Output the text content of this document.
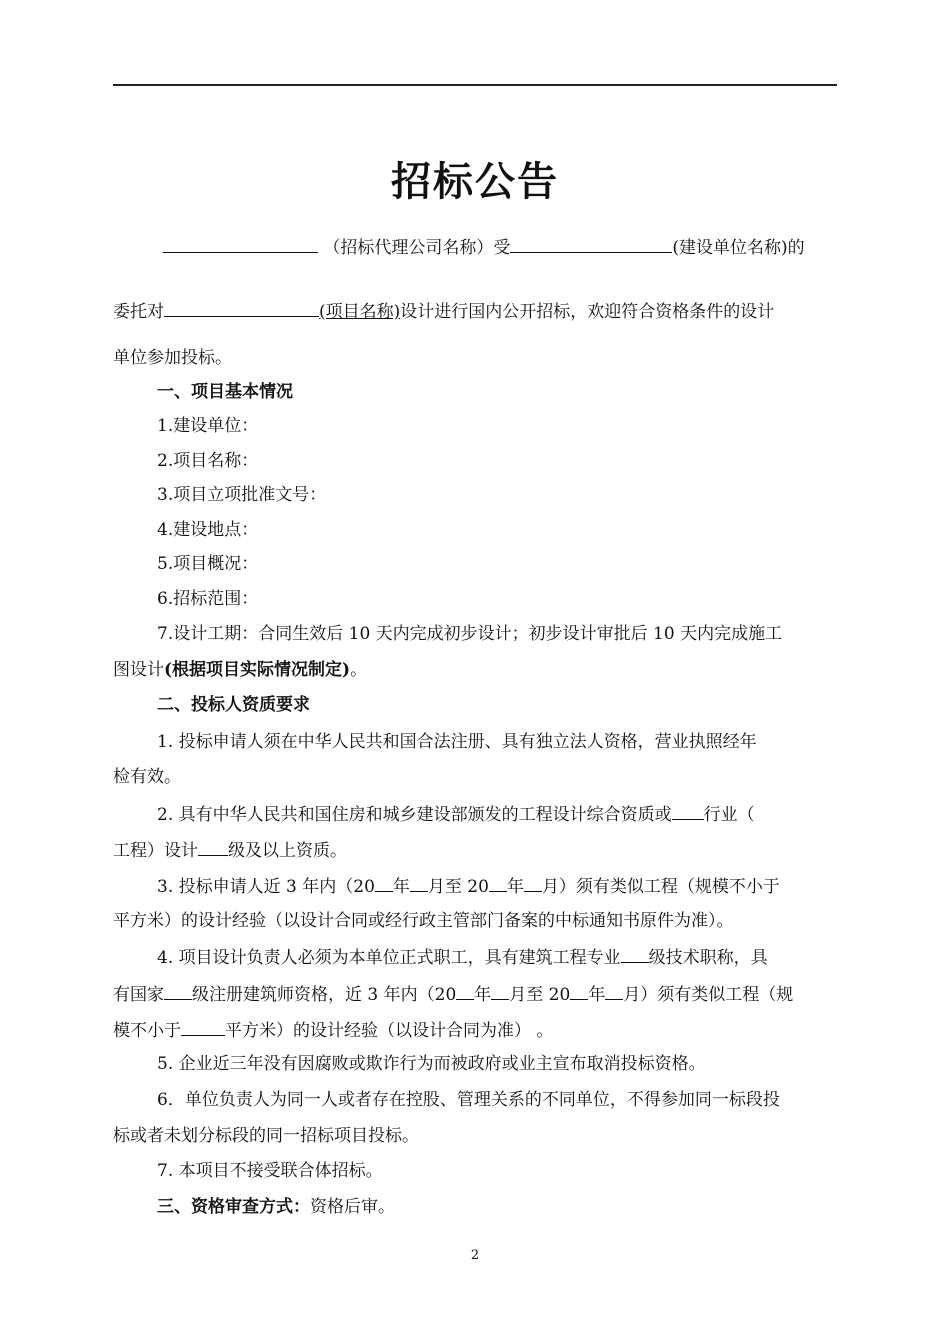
招标公告
（招标代理公司名称）受	(建设单位名称)的
委托对	(项目名称)设计进行国内公开招标，欢迎符合资格条件的设计
单位参加投标。
一、项目基本情况
1.建设单位：
2.项目名称：
3.项目立项批准文号：
4.建设地点：
5.项目概况：
6.招标范围：
7.设计工期：合同生效后 10 天内完成初步设计；初步设计审批后 10 天内完成施工
图设计(根据项目实际情况制定)。
二、投标人资质要求
1. 投标申请人须在中华人民共和国合法注册、具有独立法人资格，营业执照经年
检有效。
2. 具有中华人民共和国住房和城乡建设部颁发的工程设计综合资质或 行业（
工程）设计 级及以上资质。
3. 投标申请人近 3 年内（20 年 月至 20 年 月）须有类似工程（规模不小于
平方米）的设计经验（以设计合同或经行政主管部门备案的中标通知书原件为准）。
4. 项目设计负责人必须为本单位正式职工，具有建筑工程专业 级技术职称，具
有国家 级注册建筑师资格，近 3 年内（20 年 月至 20 年 月）须有类似工程（规
模不小于	平方米）的设计经验（以设计合同为准） 。
5. 企业近三年没有因腐败或欺诈行为而被政府或业主宣布取消投标资格。
6．单位负责人为同一人或者存在控股、管理关系的不同单位，不得参加同一标段投
标或者未划分标段的同一招标项目投标。
7. 本项目不接受联合体招标。
三、资格审查方式：资格后审。
2
